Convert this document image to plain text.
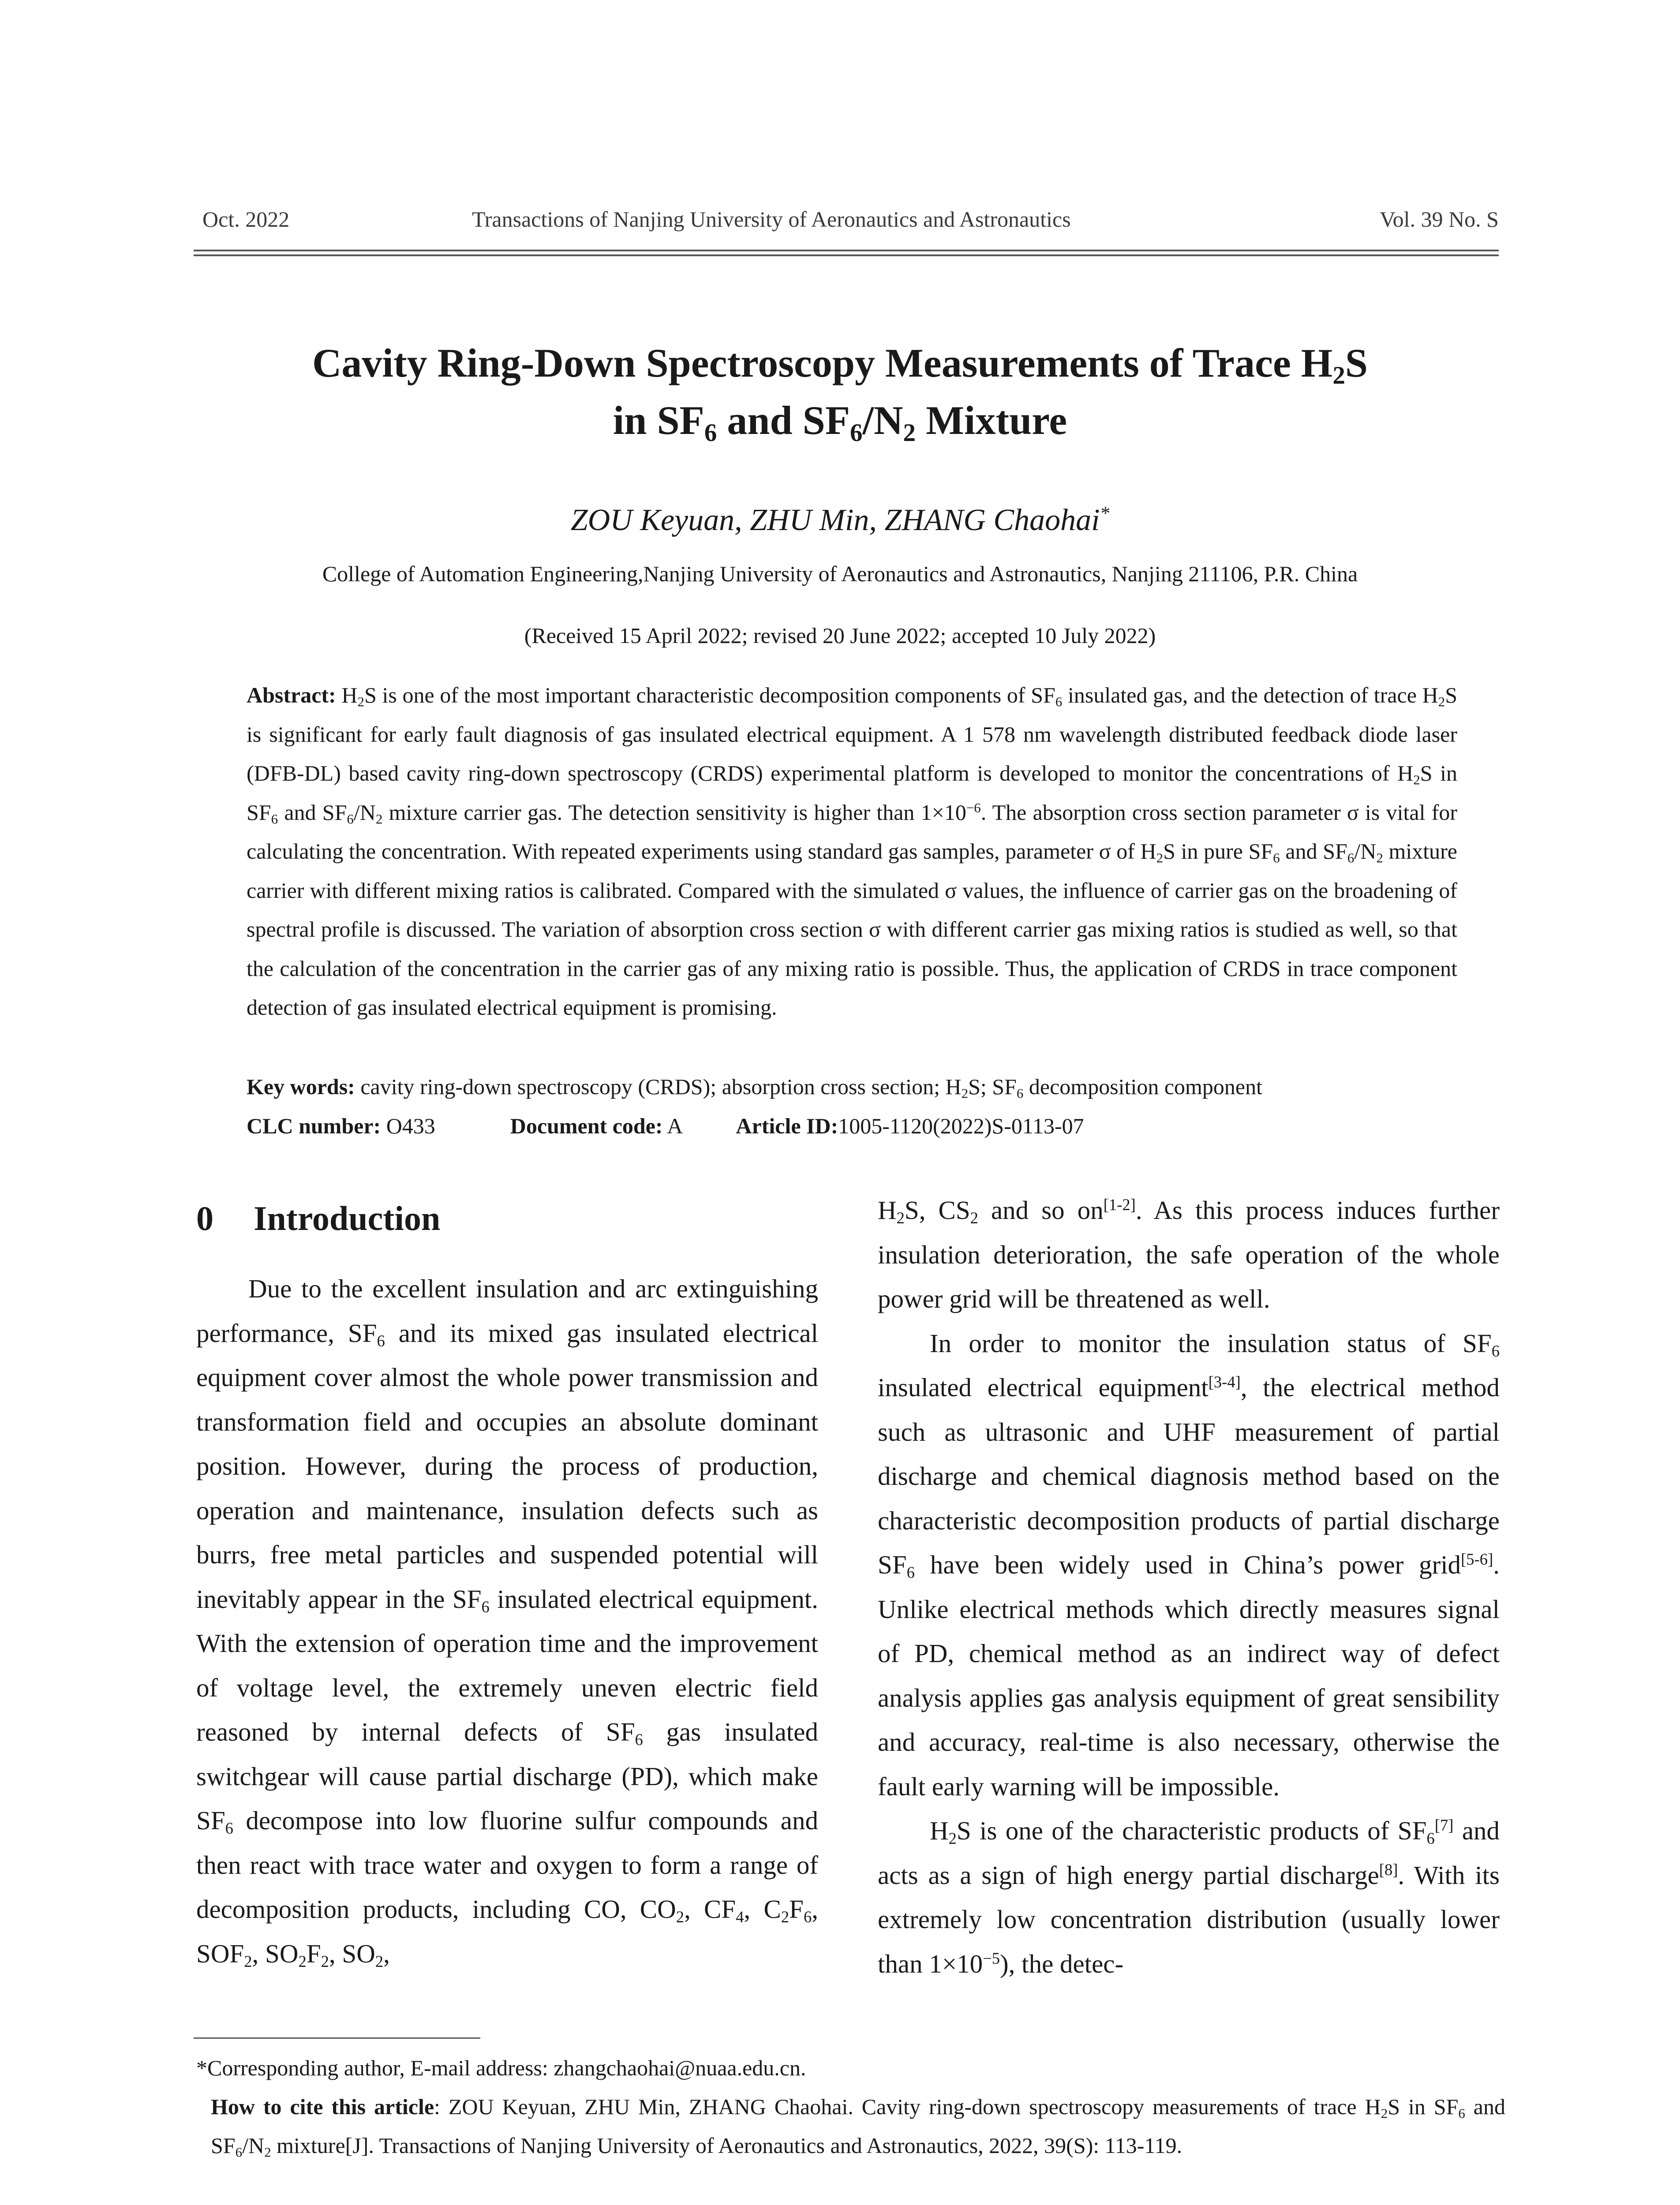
Oct. 2022	Transactions of Nanjing University of Aeronautics and Astronautics	Vol. 39 No. S
Cavity Ring-Down Spectroscopy Measurements of Trace $H_2S$
in $SF_6$ and $SF_6/N_2$ Mixture
ZOU Keyuan, ZHU Min, ZHANG Chaohai*
College of Automation Engineering,Nanjing University of Aeronautics and Astronautics, Nanjing 211106, P.R. China
(Received 15 April 2022; revised 20 June 2022; accepted 10 July 2022)
Abstract: $H_2S$ is one of the most important characteristic decomposition components of $SF_6$ insulated gas, and the detection of trace $H_2S$ is significant for early fault diagnosis of gas insulated electrical equipment. A 1 578 nm wavelength distributed feedback diode laser (DFB-DL) based cavity ring-down spectroscopy (CRDS) experimental platform is developed to monitor the concentrations of $H_2S$ in $SF_6$ and $SF_6/N_2$ mixture carrier gas. The detection sensitivity is higher than $1\times 10^{-6}$. The absorption cross section parameter σ is vital for calculating the concentration. With repeated experiments using standard gas samples, parameter σ of $H_2S$ in pure $SF_6$ and $SF_6/N_2$ mixture carrier with different mixing ratios is calibrated. Compared with the simulated σ values, the influence of carrier gas on the broadening of spectral profile is discussed. The variation of absorption cross section σ with different carrier gas mixing ratios is studied as well, so that the calculation of the concentration in the carrier gas of any mixing ratio is possible. Thus, the application of CRDS in trace component detection of gas insulated electrical equipment is promising.
Key words: cavity ring-down spectroscopy (CRDS); absorption cross section; $H_2S$; $SF_6$ decomposition component
CLC number: O433	Document code: A Article ID:1005-1120(2022)S-0113-07
0 Introduction

Due to the excellent insulation and arc extinguishing performance, $SF_6$ and its mixed gas insulated electrical equipment cover almost the whole power transmission and transformation field and occupies an absolute dominant position. However, during the process of production, operation and maintenance, insulation defects such as burrs, free metal particles and suspended potential will inevitably appear in the $SF_6$ insulated electrical equipment. With the extension of operation time and the improvement of voltage level, the extremely uneven electric field reasoned by internal defects of $SF_6$ gas insulated switchgear will cause partial discharge (PD), which make $SF_6$ decompose into low fluorine sulfur compounds and then react with trace water and oxygen to form a range of decomposition products, including CO, $CO_2$, $CF_4$, $C_2F_6$, $SOF_2$, $SO_2F_2$, $SO_2$,

$H_2S$, $CS_2$ and so on[1-2]. As this process induces further insulation deterioration, the safe operation of the whole power grid will be threatened as well.

In order to monitor the insulation status of $SF_6$ insulated electrical equipment[3-4], the electrical method such as ultrasonic and UHF measurement of partial discharge and chemical diagnosis method based on the characteristic decomposition products of partial discharge $SF_6$ have been widely used in China’s power grid[5-6]. Unlike electrical methods which directly measures signal of PD, chemical method as an indirect way of defect analysis applies gas analysis equipment of great sensibility and accuracy, real-time is also necessary, otherwise the fault early warning will be impossible.

$H_2S$ is one of the characteristic products of $SF_6[7]$ and acts as a sign of high energy partial discharge[8]. With its extremely low concentration distribution (usually lower than $1\times 10^{-5}$), the detec-

*Corresponding author, E-mail address: zhangchaohai@nuaa.edu.cn.
How to cite this article: ZOU Keyuan, ZHU Min, ZHANG Chaohai. Cavity ring-down spectroscopy measurements of trace $H_2S$ in $SF_6$ and $SF_6/N_2$ mixture[J]. Transactions of Nanjing University of Aeronautics and Astronautics, 2022, 39(S): 113-119.
